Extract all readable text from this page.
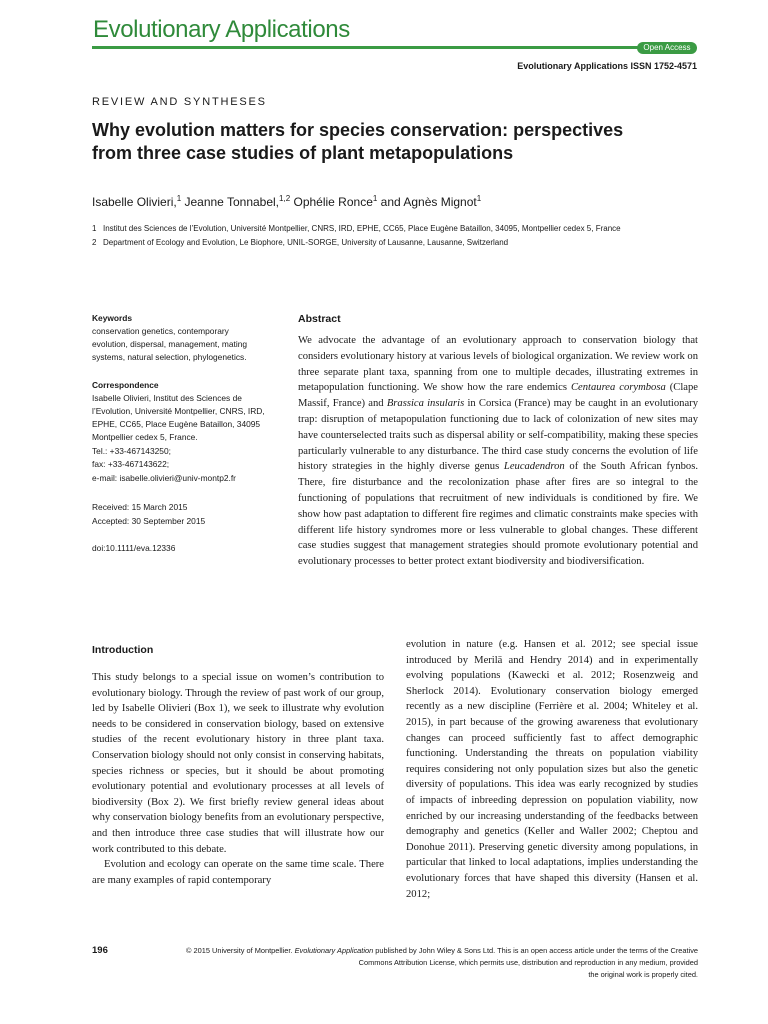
Evolutionary Applications
Open Access
Evolutionary Applications ISSN 1752-4571
REVIEW AND SYNTHESES
Why evolution matters for species conservation: perspectives from three case studies of plant metapopulations
Isabelle Olivieri,$^1$ Jeanne Tonnabel,$^{1,2}$ Ophélie Ronce$^1$ and Agnès Mignot$^1$
1 Institut des Sciences de l’Evolution, Université Montpellier, CNRS, IRD, EPHE, CC65, Place Eugène Bataillon, 34095, Montpellier cedex 5, France
2 Department of Ecology and Evolution, Le Biophore, UNIL-SORGE, University of Lausanne, Lausanne, Switzerland
Keywords
conservation genetics, contemporary
evolution, dispersal, management, mating
systems, natural selection, phylogenetics.
Correspondence
Isabelle Olivieri, Institut des Sciences de
l’Evolution, Université Montpellier, CNRS, IRD,
EPHE, CC65, Place Eugène Bataillon, 34095
Montpellier cedex 5, France.
Tel.: +33-467143250;
fax: +33-467143622;
e-mail: isabelle.olivieri@univ-montp2.fr
Received: 15 March 2015
Accepted: 30 September 2015
doi:10.1111/eva.12336
Abstract
We advocate the advantage of an evolutionary approach to conservation biology that considers evolutionary history at various levels of biological organization. We review work on three separate plant taxa, spanning from one to multiple decades, illustrating extremes in metapopulation functioning. We show how the rare endemics Centaurea corymbosa (Clape Massif, France) and Brassica insularis in Corsica (France) may be caught in an evolutionary trap: disruption of metapopulation functioning due to lack of colonization of new sites may have counterselected traits such as dispersal ability or self-compatibility, making these species particularly vulnerable to any disturbance. The third case study concerns the evolution of life history strategies in the highly diverse genus Leucadendron of the South African fynbos. There, fire disturbance and the recolonization phase after fires are so integral to the functioning of populations that recruitment of new individuals is conditioned by fire. We show how past adaptation to different fire regimes and climatic constraints make species with different life history syndromes more or less vulnerable to global changes. These different case studies suggest that management strategies should promote evolutionary potential and evolutionary processes to better protect extant biodiversity and biodiversification.
Introduction

This study belongs to a special issue on women’s contribution to evolutionary biology. Through the review of past work of our group, led by Isabelle Olivieri (Box 1), we seek to illustrate why evolution needs to be considered in conservation biology, based on extensive studies of the recent evolutionary history in three plant taxa. Conservation biology should not only consist in conserving habitats, species richness or species, but it should be about promoting evolutionary potential and evolutionary processes at all levels of biodiversity (Box 2). We first briefly review general ideas about why conservation biology benefits from an evolutionary perspective, and then introduce three case studies that will illustrate how our work contributed to this debate.

Evolution and ecology can operate on the same time scale. There are many examples of rapid contemporary

evolution in nature (e.g. Hansen et al. 2012; see special issue introduced by Merilä and Hendry 2014) and in experimentally evolving populations (Kawecki et al. 2012; Rosenzweig and Sherlock 2014). Evolutionary conservation biology emerged recently as a new discipline (Ferrière et al. 2004; Whiteley et al. 2015), in part because of the growing awareness that evolutionary changes can proceed sufficiently fast to affect demographic functioning. Understanding the threats on population viability requires considering not only population sizes but also the genetic diversity of populations. This idea was early recognized by studies of impacts of inbreeding depression on population viability, now enriched by our increasing understanding of the feedbacks between demography and genetics (Keller and Waller 2002; Cheptou and Donohue 2011). Preserving genetic diversity among populations, in particular that linked to local adaptations, implies understanding the evolutionary forces that have shaped this diversity (Hansen et al. 2012;

196	© 2015 University of Montpellier. Evolutionary Application published by John Wiley & Sons Ltd. This is an open access article under the terms of the Creative
Commons Attribution License, which permits use, distribution and reproduction in any medium, provided
the original work is properly cited.
